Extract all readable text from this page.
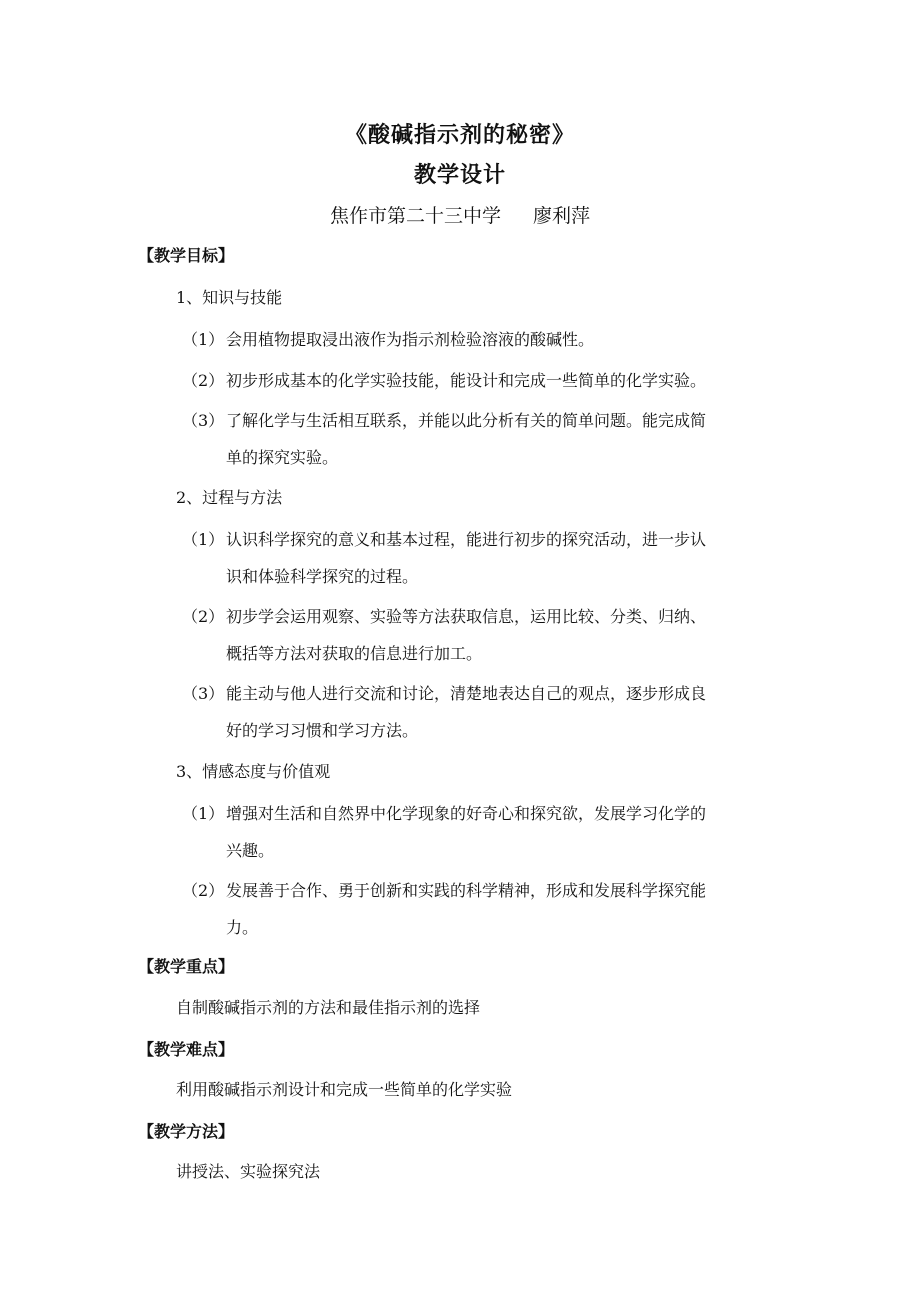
《酸碱指示剂的秘密》
教学设计
焦作市第二十三中学 廖利萍
【教学目标】
1、知识与技能
（1） 会用植物提取浸出液作为指示剂检验溶液的酸碱性。
（2） 初步形成基本的化学实验技能，能设计和完成一些简单的化学实验。
（3） 了解化学与生活相互联系，并能以此分析有关的简单问题。能完成简
单的探究实验。
2、过程与方法
（1） 认识科学探究的意义和基本过程，能进行初步的探究活动，进一步认
识和体验科学探究的过程。
（2） 初步学会运用观察、实验等方法获取信息，运用比较、分类、归纳、
概括等方法对获取的信息进行加工。
（3） 能主动与他人进行交流和讨论，清楚地表达自己的观点，逐步形成良
好的学习习惯和学习方法。
3、情感态度与价值观
（1） 增强对生活和自然界中化学现象的好奇心和探究欲，发展学习化学的
兴趣。
（2） 发展善于合作、勇于创新和实践的科学精神，形成和发展科学探究能
力。
【教学重点】
自制酸碱指示剂的方法和最佳指示剂的选择
【教学难点】
利用酸碱指示剂设计和完成一些简单的化学实验
【教学方法】
讲授法、实验探究法
